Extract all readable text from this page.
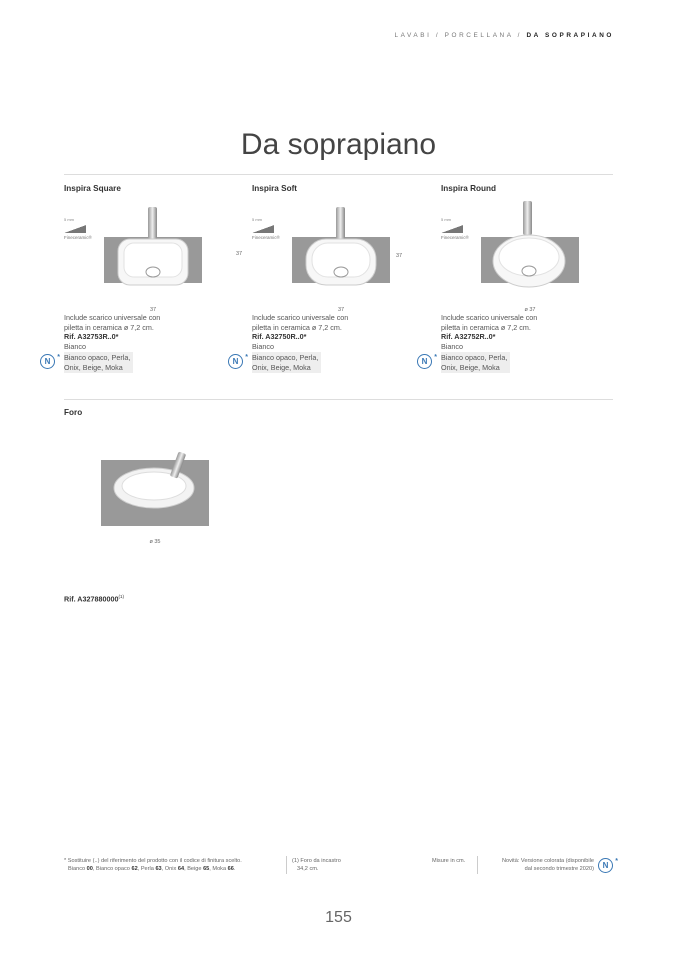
LAVABI / PORCELLANA / DA SOPRAPIANO
Da soprapiano
Inspira Square
5 mm
Fineceramic®
37
37
Include scarico universale con
piletta in ceramica ø 7,2 cm.
Rif. A32753R..0*
Bianco
N *	Bianco opaco, Perla,
Onix, Beige, Moka
Inspira Soft
5 mm
Fineceramic®
37
37
Include scarico universale con
piletta in ceramica ø 7,2 cm.
Rif. A32750R..0*
Bianco
N *	Bianco opaco, Perla,
Onix, Beige, Moka
Inspira Round
5 mm
Fineceramic®
ø 37
Include scarico universale con
piletta in ceramica ø 7,2 cm.
Rif. A32752R..0*
Bianco
N *	Bianco opaco, Perla,
Onix, Beige, Moka
Foro
ø 35
Rif. A327880000$^{(1)}$
* Sostituire (..) del riferimento del prodotto con il codice di finitura scelto.
Bianco 00, Bianco opaco 62, Perla 63, Onix 64, Beige 65, Moka 66.
(1) Foro da incastro
34,2 cm.
Misure in cm.	Novità: Versione colorata (disponibile
dal secondo trimestre 2020)	N *
155
